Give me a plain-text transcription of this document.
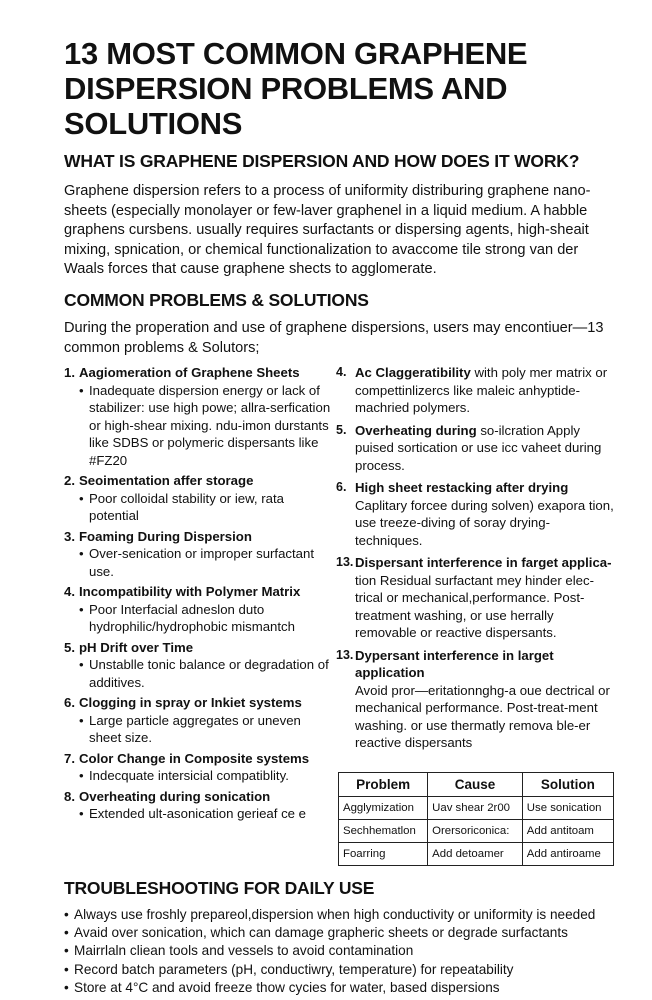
13 MOST COMMON GRAPHENE DISPERSION PROBLEMS AND SOLUTIONS
WHAT IS GRAPHENE DISPERSION AND HOW DOES IT WORK?

Graphene dispersion refers to a process of uniformity distriburing graphene nano-sheets (especially monolayer or few-laver graphenel in a liquid medium. A habble graphens cursbens. usually requires surfactants or dispersing agents, high-sheait mixing, spnication, or chemical functionalization to avaccome tile strong van der Waals forces that cause graphene shects to agglomerate.

COMMON PROBLEMS & SOLUTIONS

During the properation and use of graphene dispersions, users may encontiuer—13 common problems & Solutors;

1. Aagiomeration of Graphene Sheets
• Inadequate dispersion energy or lack of stabilizer: use high powe; allra-serfication or high-shear mixing. ndu-imon durstants like SDBS or polymeric dispersants like #FZ20
2. Seoimentation affer storage
• Poor colloidal stability or iew, rata potential
3. Foaming During Dispersion
• Over-senication or improper surfactant use.
4. Incompatibility with Polymer Matrix
• Poor Interfacial adneslon duto hydrophilic/hydrophobic mismantch
5. pH Drift over Time
• Unstablle tonic balance or degradation of additives.
6. Clogging in spray or Inkiet systems
• Large particle aggregates or uneven sheet size.
7. Color Change in Composite systems
• Indecquate intersicial compatiblity.
8. Overheating during sonication
• Extended ult-asonication gerieaf ce e
4. Ac Claggeratibility with poly mer matrix or compettinlizercs like maleic anhyptide-machried polymers.
5. Overheating during so-ilcration Apply puised sortication or use icc vaheet during process.
6. High sheet restacking after drying
Caplitary forcee during solven) exapora tion, use treeze-diving of soray drying-techniques.
13. Dispersant interference in farget applica-
tion Residual surfactant mey hinder elec-trical or mechanical,performance. Post-treatment washing, or use herrally removable or reactive dispersants.
13. Dypersant interference in larget application
Avoid pror—eritationnghg-a oue dectrical or mechanical performance. Post-treat-ment washing. or use thermatly remova ble-er reactive dispersants
Problem	Cause	Solution
Agglymization	Uav shear 2r00	Use sonication
Sechhematlon	Orersoriconica:	Add antitoam
Foarring	Add detoamer	Add antiroame
TROUBLESHOOTING FOR DAILY USE
• Always use froshly prepareol,dispersion when high conductivity or uniformity is needed
• Avaid over sonication, which can damage grapheric sheets or degrade surfactants
• Mairrlaln cliean tools and vessels to avoid contamination
• Record batch parameters (pH, conductiwry, temperature) for repeatability
• Store at 4°C and avoid freeze thow cycies for water, based dispersions
